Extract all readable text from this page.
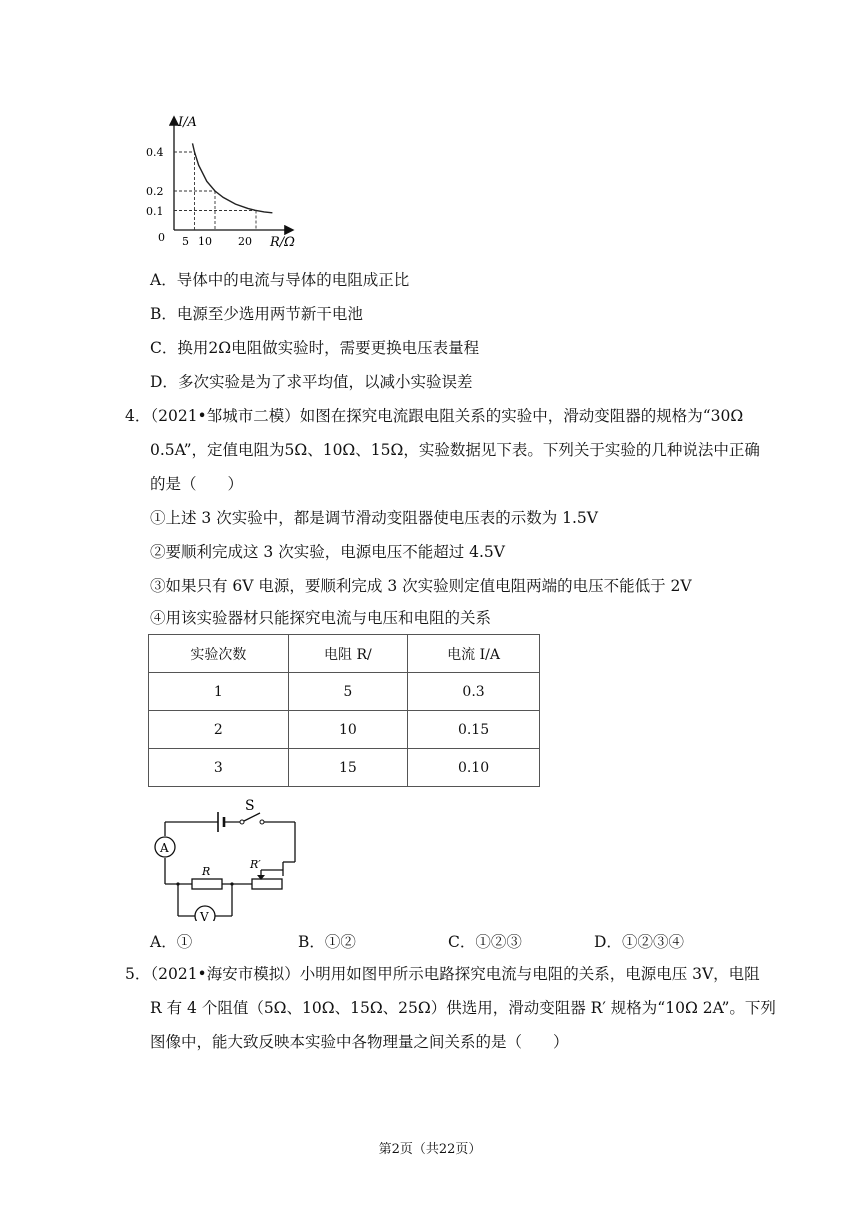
I/A
R/Ω
0
0.4
0.2
0.1
5 10 20
A．导体中的电流与导体的电阻成正比
B．电源至少选用两节新干电池
C．换用2Ω电阻做实验时，需要更换电压表量程
D．多次实验是为了求平均值，以减小实验误差
4．（2021•邹城市二模）如图在探究电流跟电阻关系的实验中，滑动变阻器的规格为“30Ω
0.5A”，定值电阻为5Ω、10Ω、15Ω，实验数据见下表。下列关于实验的几种说法中正确
的是（　　）
①上述 3 次实验中，都是调节滑动变阻器使电压表的示数为 1.5V
②要顺利完成这 3 次实验，电源电压不能超过 4.5V
③如果只有 6V 电源，要顺利完成 3 次实验则定值电阻两端的电压不能低于 2V
④用该实验器材只能探究电流与电压和电阻的关系
实验次数	电阻 R/	电流 I/A
1	5	0.3
2	10	0.15
3	15	0.10
S
A
V
R
R′
A．①	B．①②	C．①②③	D．①②③④
5．（2021•海安市模拟）小明用如图甲所示电路探究电流与电阻的关系，电源电压 3V，电阻
R 有 4 个阻值（5Ω、10Ω、15Ω、25Ω）供选用，滑动变阻器 R′ 规格为“10Ω 2A”。下列
图像中，能大致反映本实验中各物理量之间关系的是（　　）
第2页（共22页）
